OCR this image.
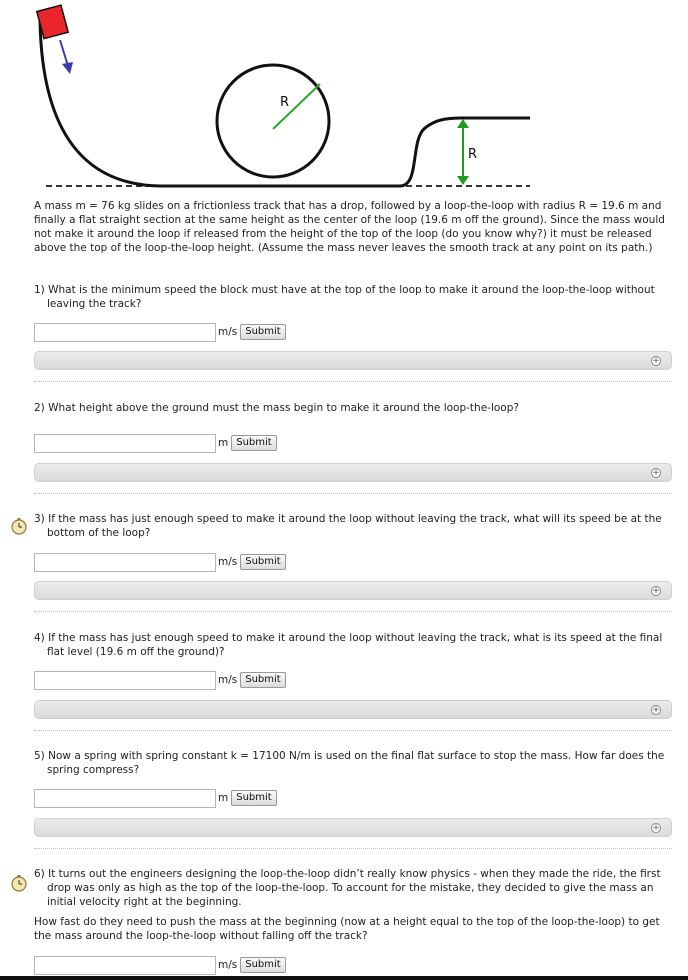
R
R
A mass m = 76 kg slides on a frictionless track that has a drop, followed by a loop-the-loop with radius R = 19.6 m and finally a flat straight section at the same height as the center of the loop (19.6 m off the ground). Since the mass would not make it around the loop if released from the height of the top of the loop (do you know why?) it must be released above the top of the loop-the-loop height. (Assume the mass never leaves the smooth track at any point on its path.)
1) What is the minimum speed the block must have at the top of the loop to make it around the loop-the-loop without leaving the track?
m/s Submit
+
2) What height above the ground must the mass begin to make it around the loop-the-loop?
m Submit
+
3) If the mass has just enough speed to make it around the loop without leaving the track, what will its speed be at the bottom of the loop?
m/s Submit
+
4) If the mass has just enough speed to make it around the loop without leaving the track, what is its speed at the final flat level (19.6 m off the ground)?
m/s Submit
+
5) Now a spring with spring constant k = 17100 N/m is used on the final flat surface to stop the mass. How far does the spring compress?
m Submit
+
6) It turns out the engineers designing the loop-the-loop didn’t really know physics - when they made the ride, the first drop was only as high as the top of the loop-the-loop. To account for the mistake, they decided to give the mass an initial velocity right at the beginning.
How fast do they need to push the mass at the beginning (now at a height equal to the top of the loop-the-loop) to get the mass around the loop-the-loop without falling off the track?
m/s Submit
